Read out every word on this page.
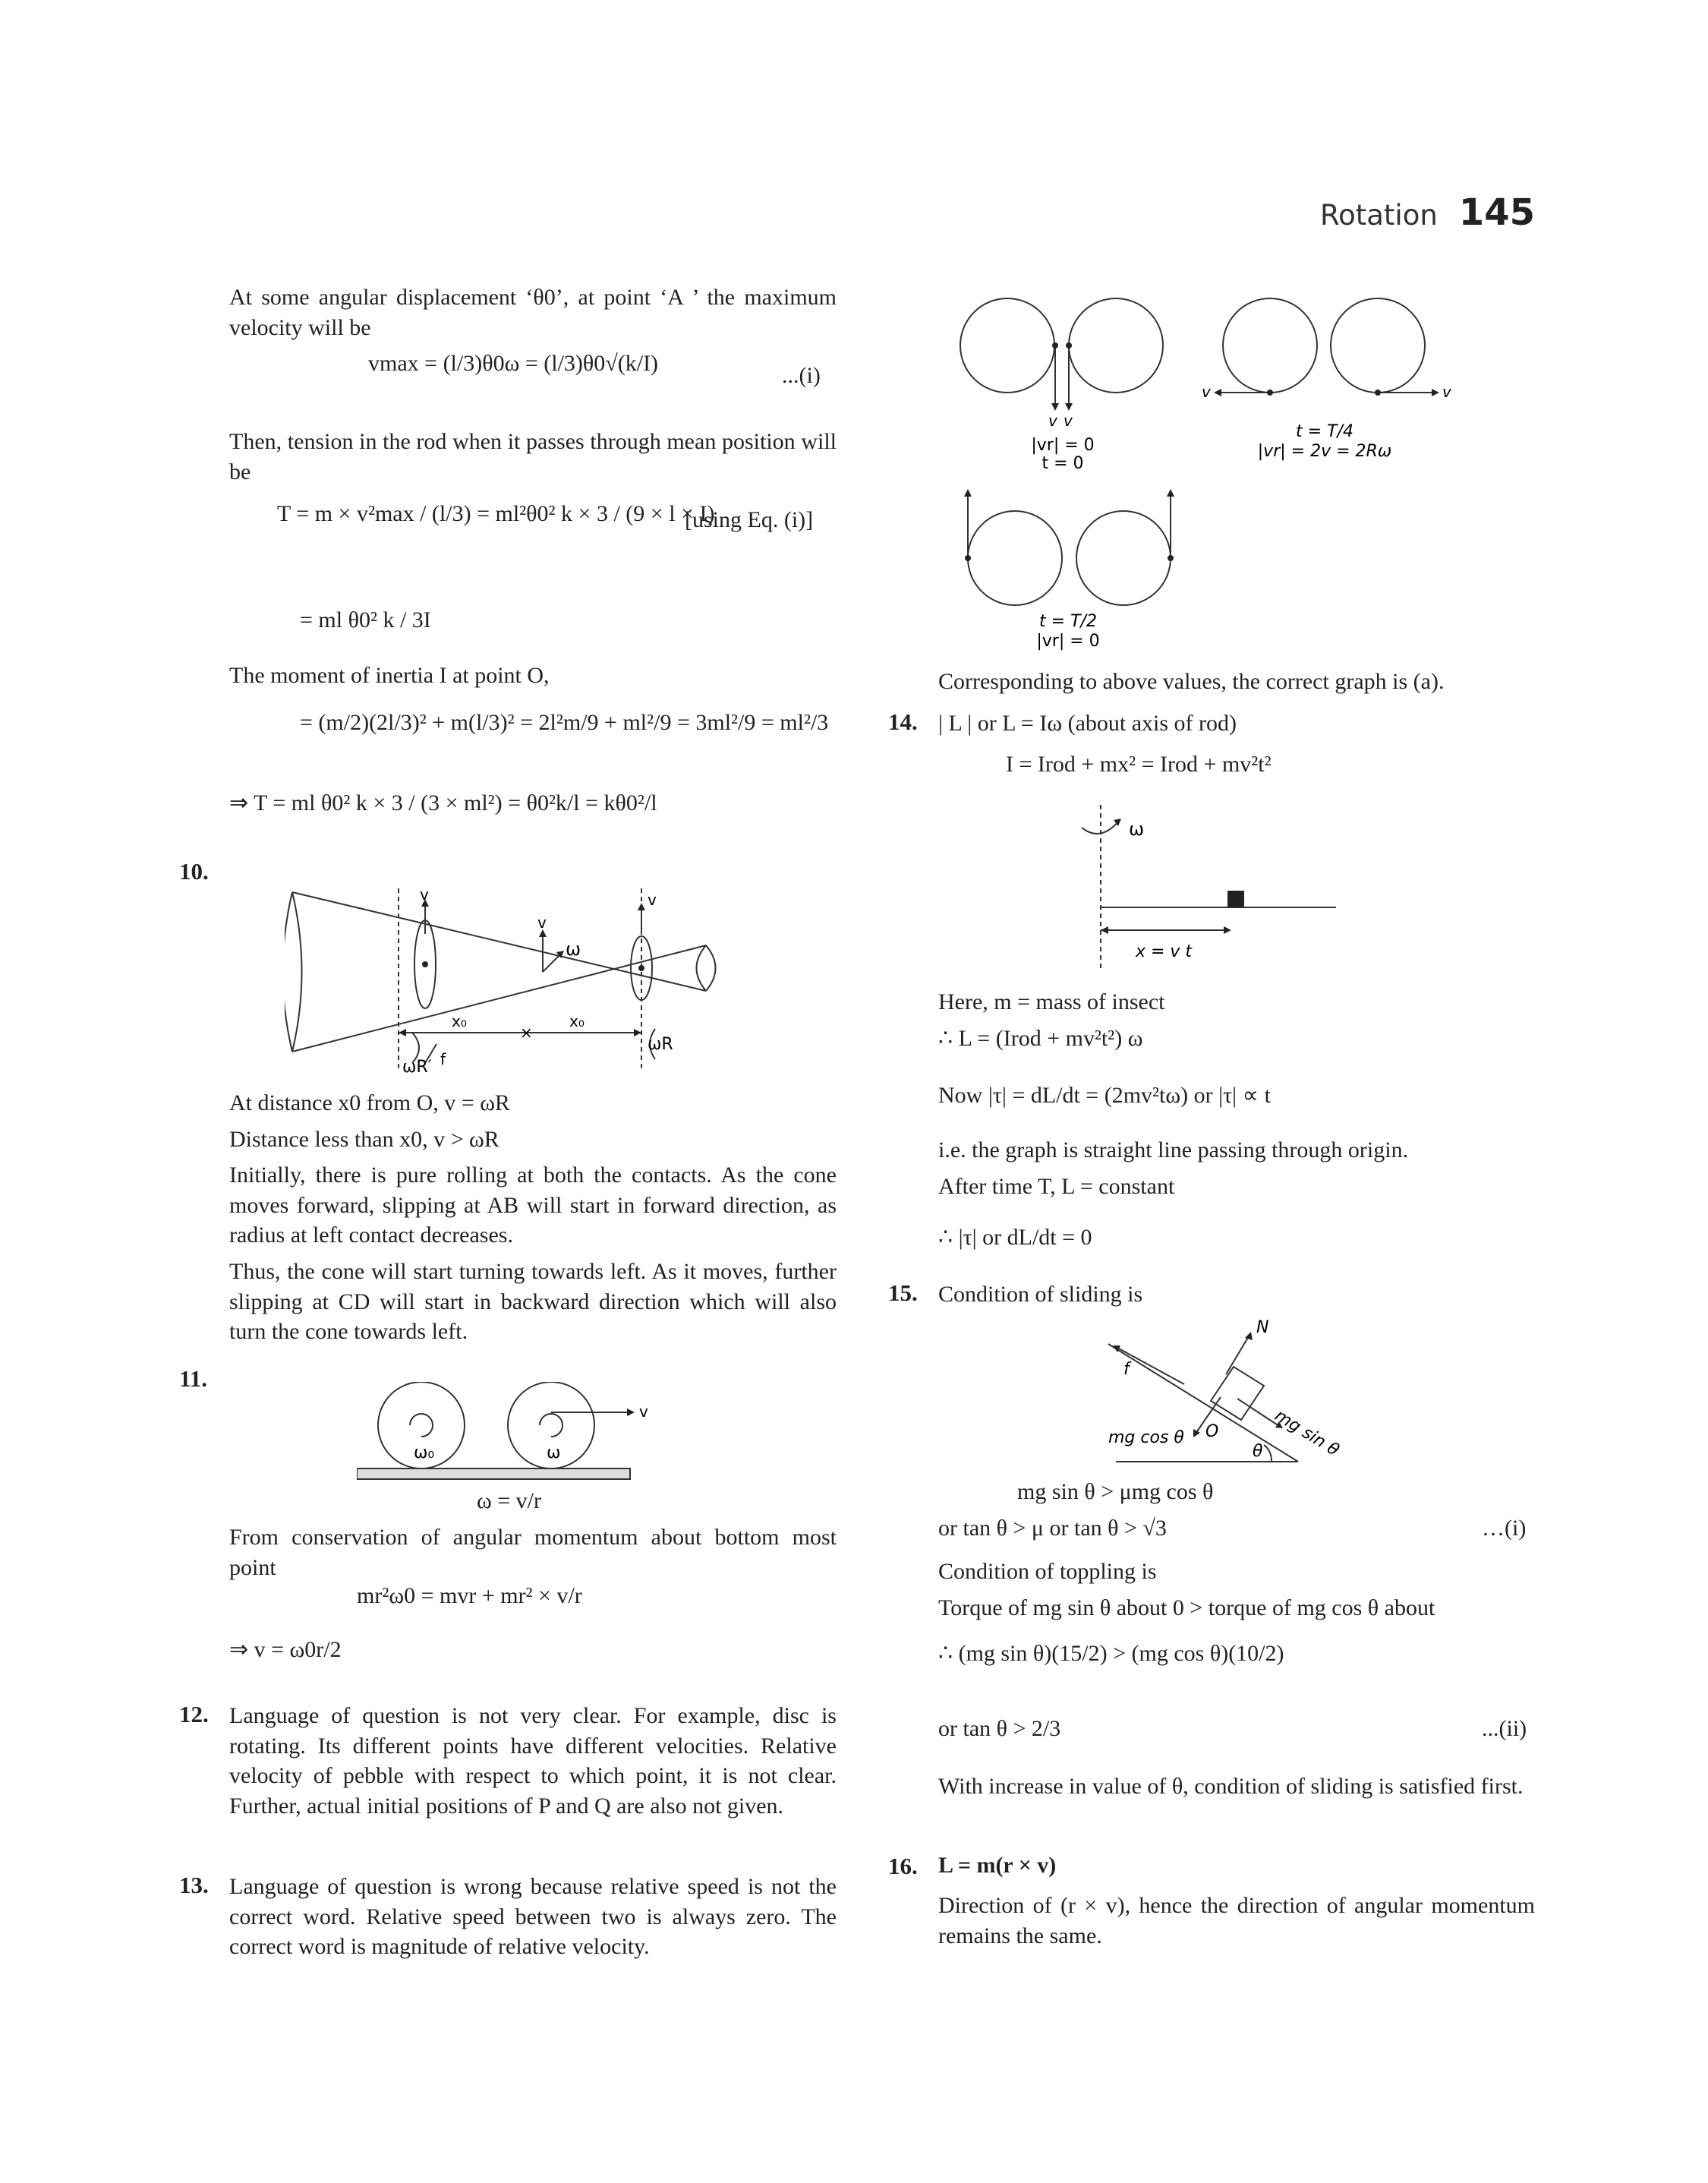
Rotation 145

At some angular displacement ‘θ0’, at point ‘A ’ the maximum velocity will be

vmax = (l/3)θ0ω = (l/3)θ0√(k/I)	...(i)

Then, tension in the rod when it passes through mean position will be

T = m × v²max / (l/3) = ml²θ0² k × 3 / (9 × l × I)
[using Eq. (i)]
= ml θ0² k / 3I

The moment of inertia I at point O,

= (m/2)(2l/3)² + m(l/3)² = 2l²m/9 + ml²/9 = 3ml²/9 = ml²/3
⇒ T = ml θ0² k × 3 / (3 × ml²) = θ0²k/l = kθ0²/l
10.
v
v
v
ω
x₀	x₀
×
ωR′ f
ωR

At distance x0 from O, v = ωR

Distance less than x0, v > ωR

Initially, there is pure rolling at both the contacts. As the cone moves forward, slipping at AB will start in forward direction, as radius at left contact decreases.

Thus, the cone will start turning towards left. As it moves, further slipping at CD will start in backward direction which will also turn the cone towards left.

11.
v
ω₀	ω
ω = v/r

From conservation of angular momentum about bottom most point

mr²ω0 = mvr + mr² × v/r
⇒ v = ω0r/2
12. Language of question is not very clear. For example, disc is rotating. Its different points have different velocities. Relative velocity of pebble with respect to which point, it is not clear. Further, actual initial positions of P and Q are also not given.

13. Language of question is wrong because relative speed is not the correct word. Relative speed between two is always zero. The correct word is magnitude of relative velocity.

v v
v	v
|vr| = 0
t = 0
t = T/4
|vr| = 2v = 2Rω
t = T/2
|vr| = 0

Corresponding to above values, the correct graph is (a).

14. | L | or L = Iω (about axis of rod)

I = Irod + mx² = Irod + mv²t²
ω
x = v t

Here, m = mass of insect

∴ L = (Irod + mv²t²) ω
Now |τ| = dL/dt = (2mv²tω) or |τ| ∝ t

i.e. the graph is straight line passing through origin.

After time T, L = constant

∴ |τ| or dL/dt = 0
15. Condition of sliding is

N
f
mg cos θ O
θ mg sin θ
mg sin θ > μmg cos θ
or tan θ > μ or tan θ > √3	…(i)

Condition of toppling is

Torque of mg sin θ about 0 > torque of mg cos θ about

∴ (mg sin θ)(15/2) > (mg cos θ)(10/2)
or tan θ > 2/3	...(ii)

With increase in value of θ, condition of sliding is satisfied first.

16. L = m(r × v)

Direction of (r × v), hence the direction of angular momentum remains the same.
